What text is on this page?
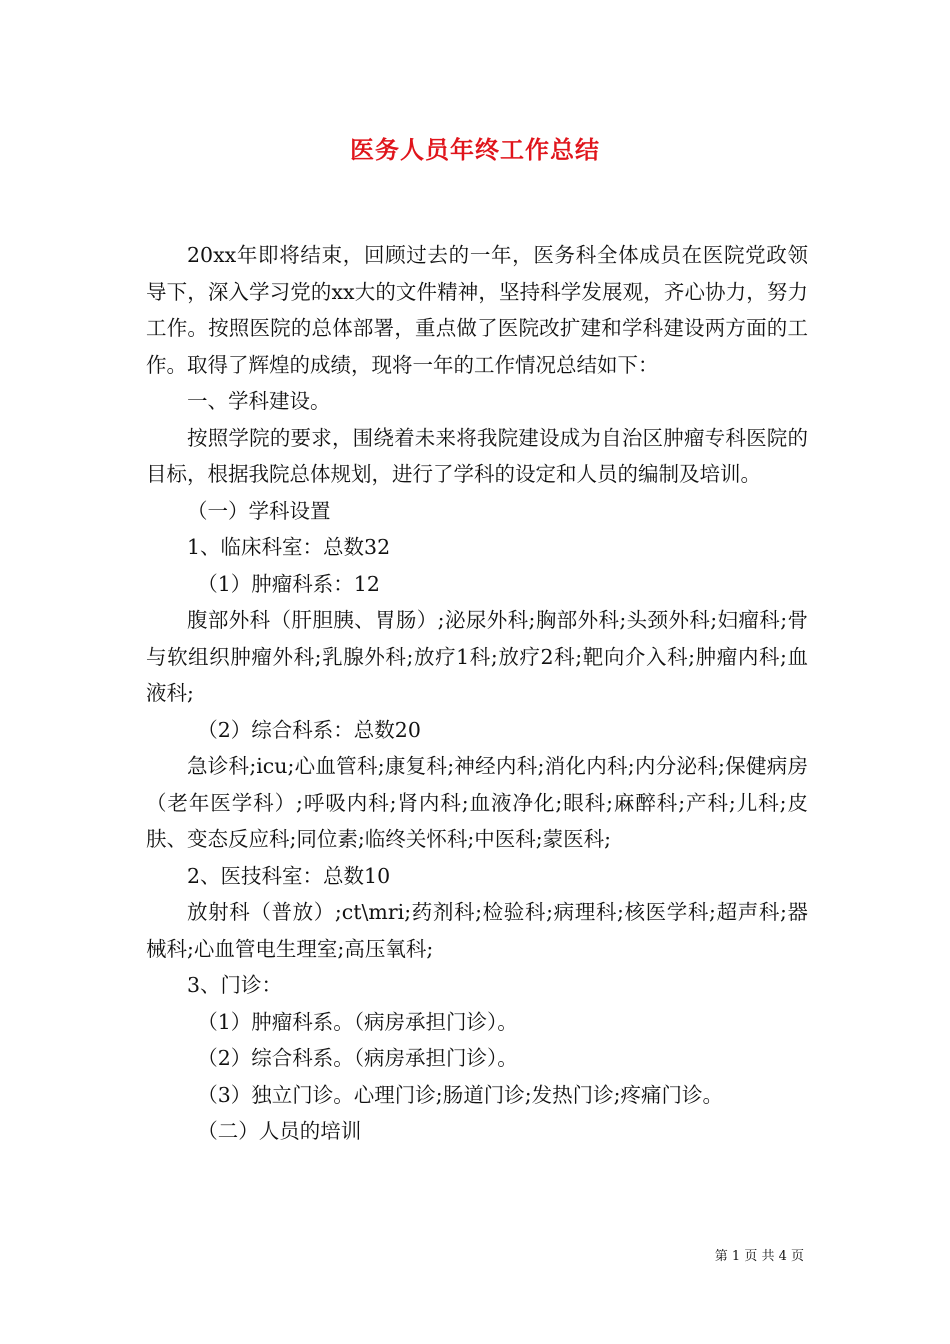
医务人员年终工作总结

20xx年即将结束，回顾过去的一年，医务科全体成员在医院党政领导下，深入学习党的xx大的文件精神，坚持科学发展观，齐心协力，努力工作。按照医院的总体部署，重点做了医院改扩建和学科建设两方面的工作。取得了辉煌的成绩，现将一年的工作情况总结如下：

一、学科建设。

按照学院的要求，围绕着未来将我院建设成为自治区肿瘤专科医院的目标，根据我院总体规划，进行了学科的设定和人员的编制及培训。

（一）学科设置

1、临床科室：总数32

（1）肿瘤科系：12

腹部外科（肝胆胰、胃肠）;泌尿外科;胸部外科;头颈外科;妇瘤科;骨与软组织肿瘤外科;乳腺外科;放疗1科;放疗2科;靶向介入科;肿瘤内科;血液科;

（2）综合科系：总数20

急诊科;icu;心血管科;康复科;神经内科;消化内科;内分泌科;保健病房（老年医学科）;呼吸内科;肾内科;血液净化;眼科;麻醉科;产科;儿科;皮肤、变态反应科;同位素;临终关怀科;中医科;蒙医科;

2、医技科室：总数10

放射科（普放）;ct\mri;药剂科;检验科;病理科;核医学科;超声科;器械科;心血管电生理室;高压氧科;

3、门诊：

（1）肿瘤科系。（病房承担门诊）。

（2）综合科系。（病房承担门诊）。

（3）独立门诊。心理门诊;肠道门诊;发热门诊;疼痛门诊。

（二）人员的培训

第 1 页 共 4 页
